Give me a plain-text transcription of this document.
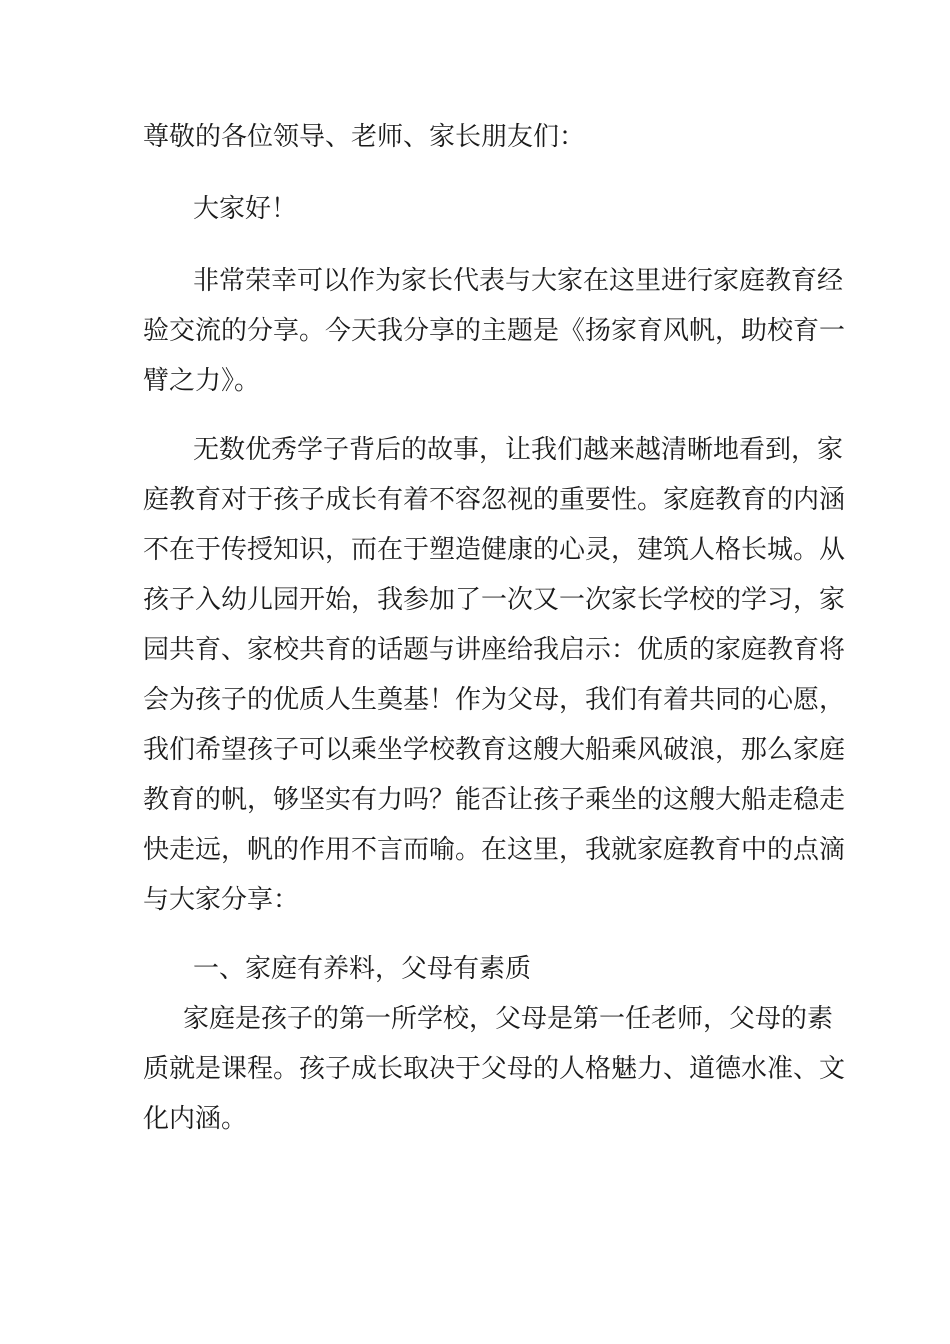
尊敬的各位领导、老师、家长朋友们：

大家好！

非常荣幸可以作为家长代表与大家在这里进行家庭教育经

验交流的分享。今天我分享的主题是《扬家育风帆，助校育一

臂之力》。

无数优秀学子背后的故事，让我们越来越清晰地看到，家

庭教育对于孩子成长有着不容忽视的重要性。家庭教育的内涵

不在于传授知识，而在于塑造健康的心灵，建筑人格长城。从

孩子入幼儿园开始，我参加了一次又一次家长学校的学习，家

园共育、家校共育的话题与讲座给我启示：优质的家庭教育将

会为孩子的优质人生奠基！作为父母，我们有着共同的心愿，

我们希望孩子可以乘坐学校教育这艘大船乘风破浪，那么家庭

教育的帆，够坚实有力吗？能否让孩子乘坐的这艘大船走稳走

快走远，帆的作用不言而喻。在这里，我就家庭教育中的点滴

与大家分享：

一、家庭有养料，父母有素质

家庭是孩子的第一所学校，父母是第一任老师，父母的素

质就是课程。孩子成长取决于父母的人格魅力、道德水准、文

化内涵。
